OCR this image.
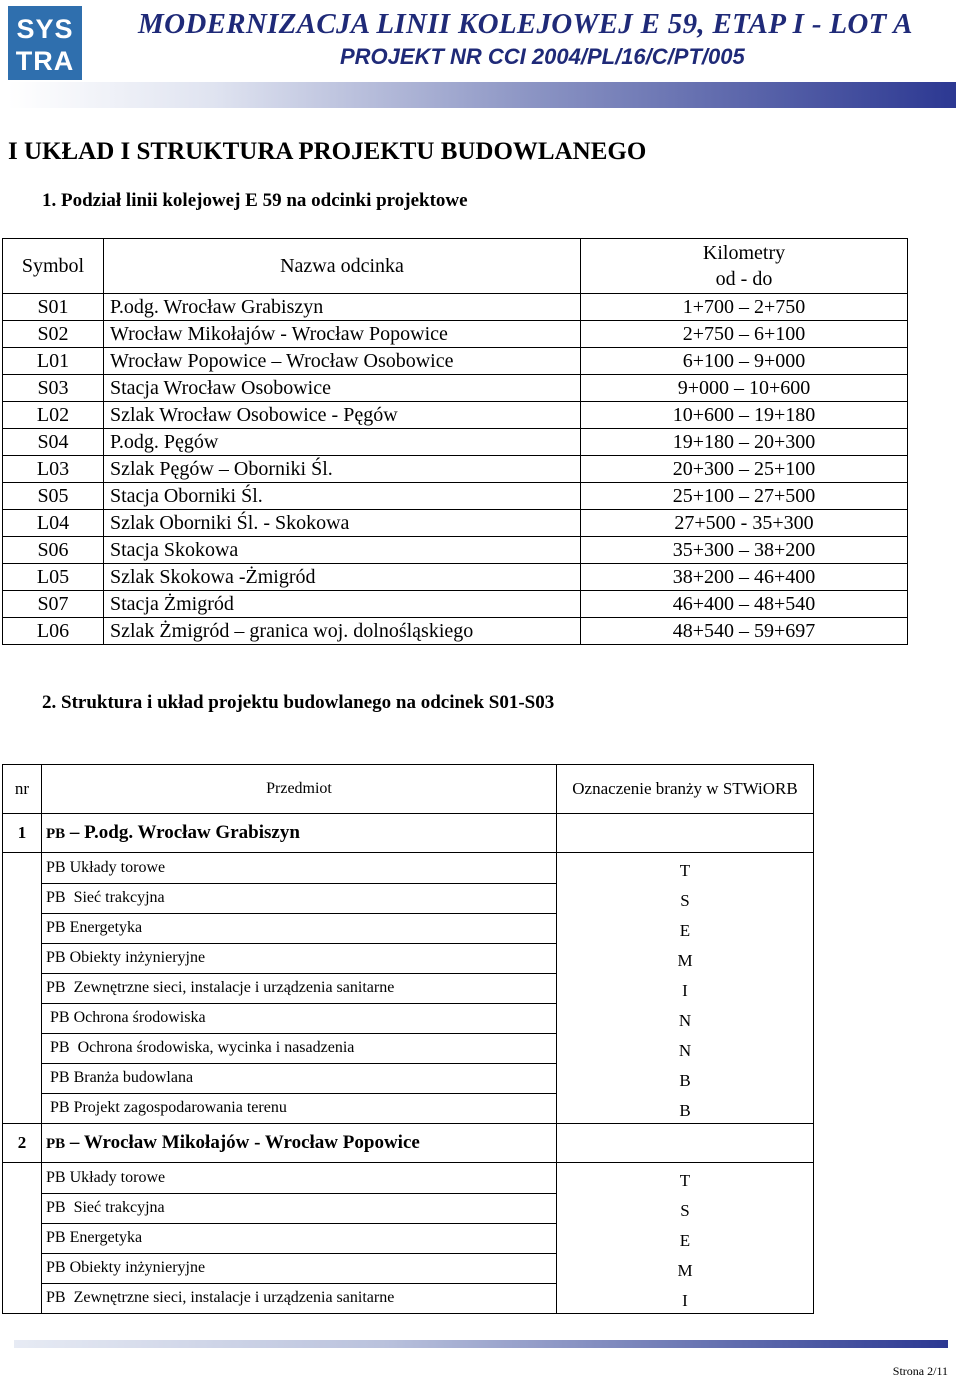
SYS
TRA
MODERNIZACJA LINII KOLEJOWEJ E 59, ETAP I - LOT A
PROJEKT NR CCI 2004/PL/16/C/PT/005
I UKŁAD I STRUKTURA PROJEKTU BUDOWLANEGO
1. Podział linii kolejowej E 59 na odcinki projektowe
Symbol	Nazwa odcinka	Kilometry
od - do

S01	P.odg. Wrocław Grabiszyn	1+700 – 2+750
S02	Wrocław Mikołajów - Wrocław Popowice	2+750 – 6+100
L01	Wrocław Popowice – Wrocław Osobowice	6+100 – 9+000
S03	Stacja Wrocław Osobowice	9+000 – 10+600
L02	Szlak Wrocław Osobowice - Pęgów	10+600 – 19+180
S04	P.odg. Pęgów	19+180 – 20+300
L03	Szlak Pęgów – Oborniki Śl.	20+300 – 25+100
S05	Stacja Oborniki Śl.	25+100 – 27+500
L04	Szlak Oborniki Śl. - Skokowa	27+500 - 35+300
S06	Stacja Skokowa	35+300 – 38+200
L05	Szlak Skokowa -Żmigród	38+200 – 46+400
S07	Stacja Żmigród	46+400 – 48+540
L06	Szlak Żmigród – granica woj. dolnośląskiego	48+540 – 59+697
2. Struktura i układ projektu budowlanego na odcinek S01-S03
nr	Przedmiot	Oznaczenie branży w STWiORB
1	PB – P.odg. Wrocław Grabiszyn	
	PB Układy torowe	T
	PB  Sieć trakcyjna	S
	PB Energetyka	E
	PB Obiekty inżynieryjne	M
	PB  Zewnętrzne sieci, instalacje i urządzenia sanitarne	I
	PB Ochrona środowiska	N
	PB  Ochrona środowiska, wycinka i nasadzenia	N
	PB Branża budowlana	B
	PB Projekt zagospodarowania terenu	B
2	PB – Wrocław Mikołajów - Wrocław Popowice	
	PB Układy torowe	T
	PB  Sieć trakcyjna	S
	PB Energetyka	E
	PB Obiekty inżynieryjne	M
	PB  Zewnętrzne sieci, instalacje i urządzenia sanitarne	I
Strona 2/11
